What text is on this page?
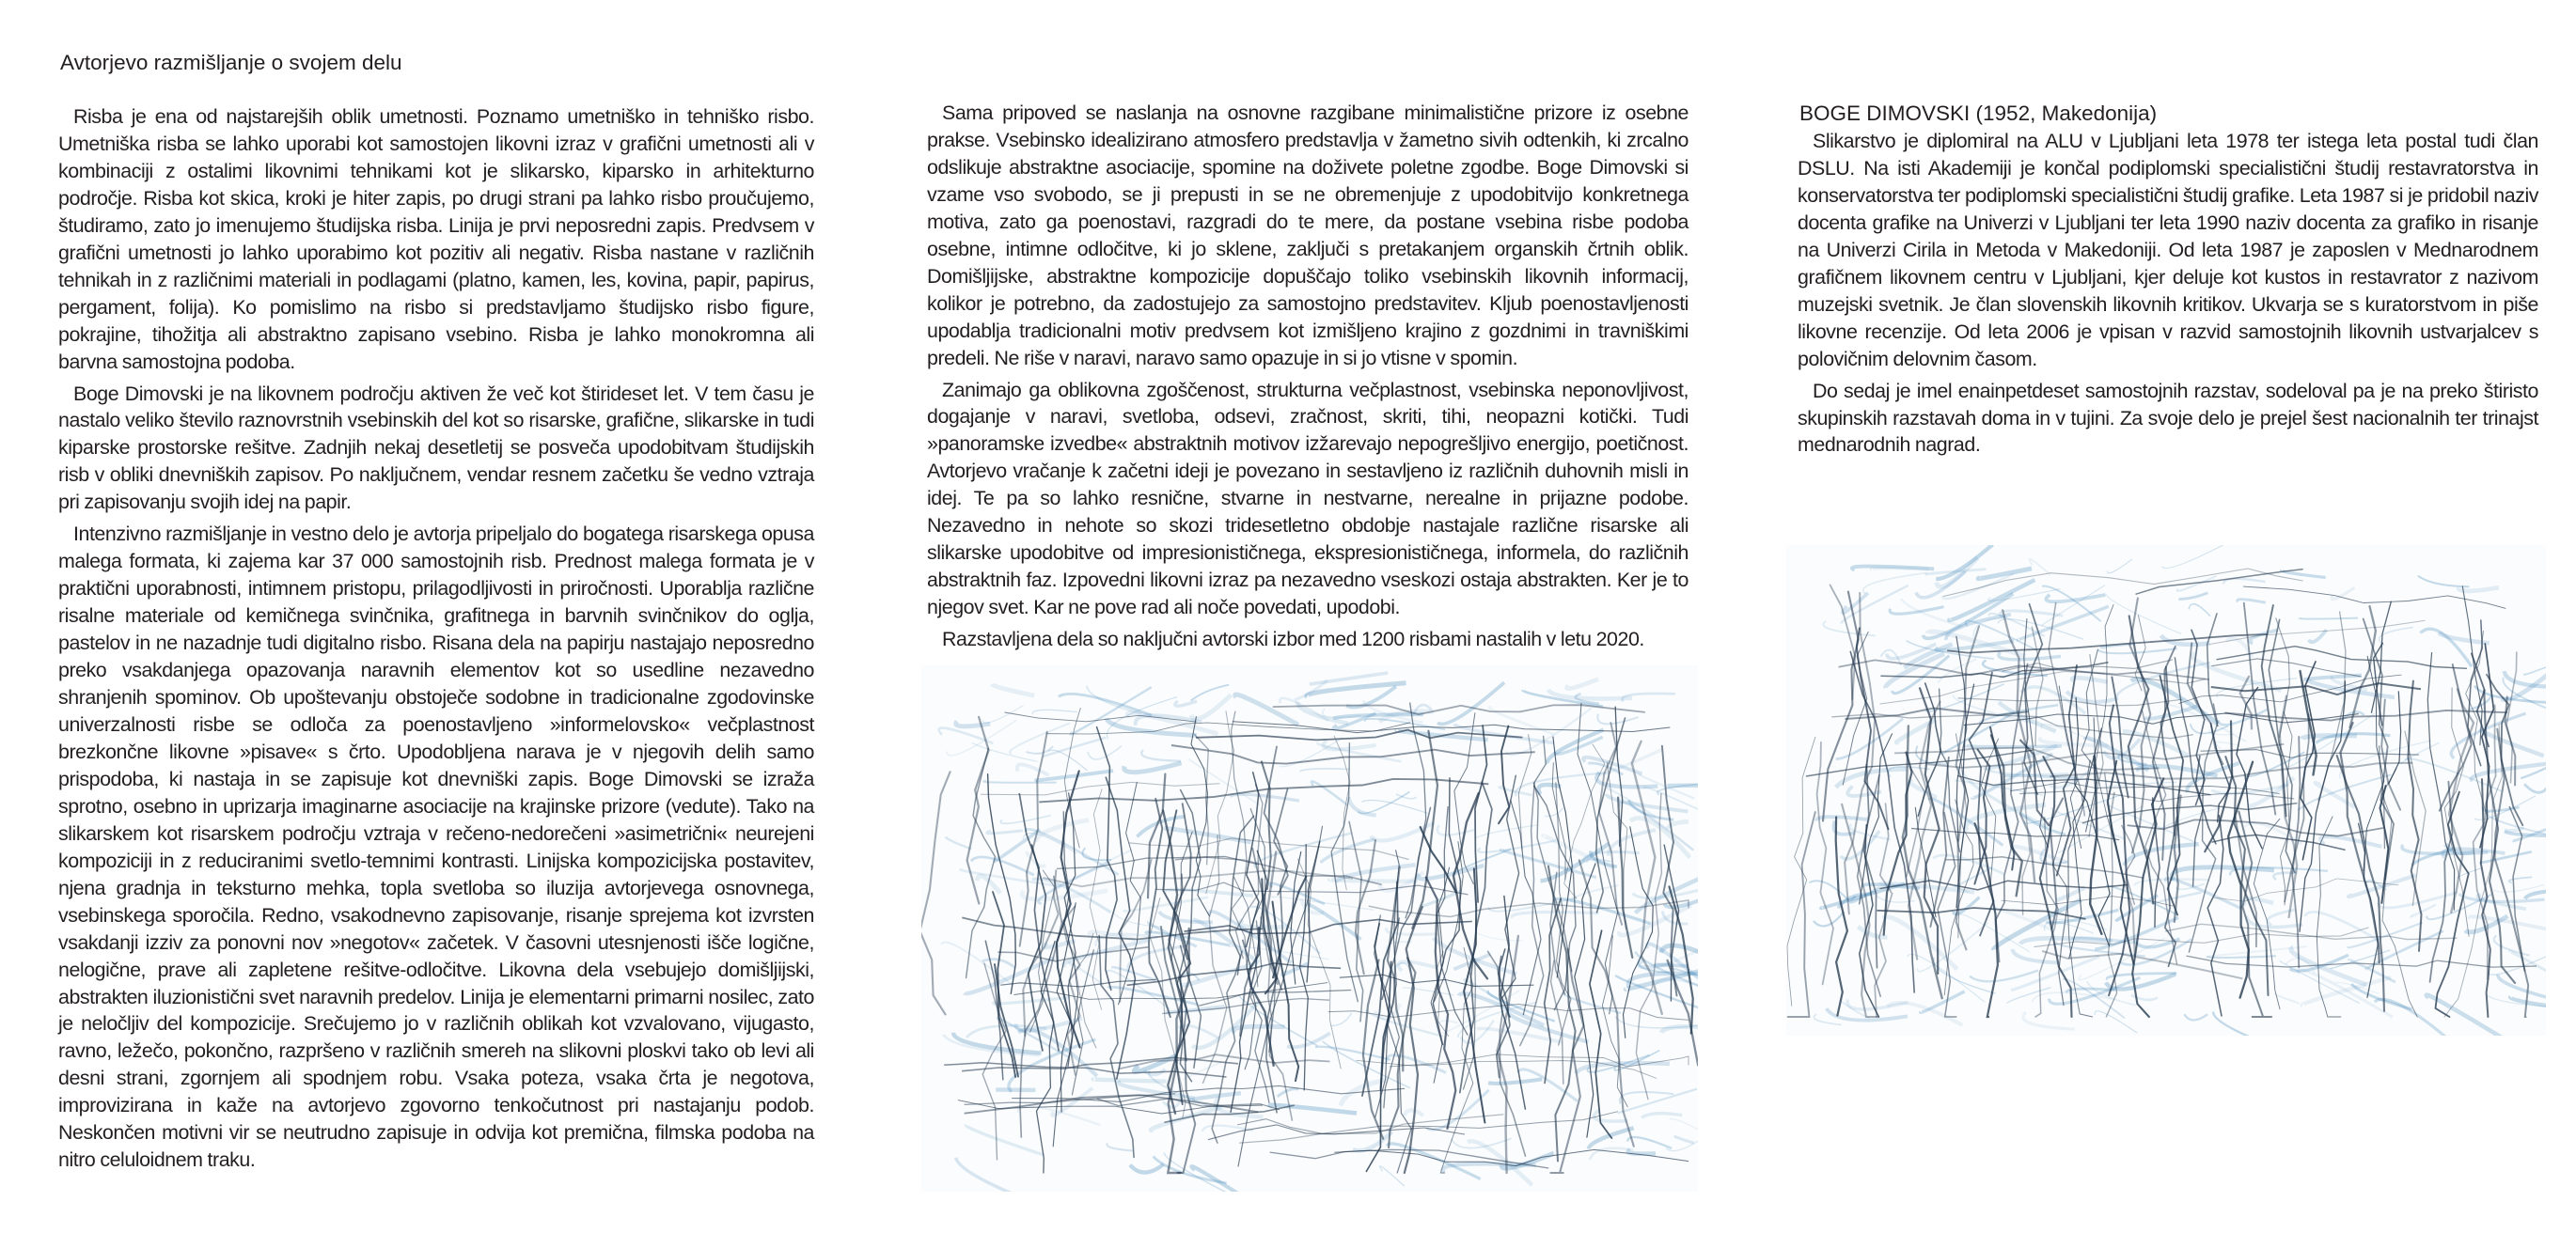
Avtorjevo razmišljanje o svojem delu

Risba je ena od najstarejših oblik umetnosti. Poznamo umetniško in tehniško risbo. Umetniška risba se lahko uporabi kot samostojen likovni izraz v grafični umetnosti ali v kombinaciji z ostalimi likovnimi tehnikami kot je slikarsko, kiparsko in arhitekturno področje. Risba kot skica, kroki je hiter zapis, po drugi strani pa lahko risbo proučujemo, študiramo, zato jo imenujemo študijska risba. Linija je prvi neposredni zapis. Predvsem v grafični umetnosti jo lahko uporabimo kot pozitiv ali negativ. Risba nastane v različnih tehnikah in z različnimi materiali in podlagami (platno, kamen, les, kovina, papir, papirus, pergament, folija). Ko pomislimo na risbo si predstavljamo študijsko risbo figure, pokrajine, tihožitja ali abstraktno zapisano vsebino. Risba je lahko monokromna ali barvna samostojna podoba.

Boge Dimovski je na likovnem področju aktiven že več kot štirideset let. V tem času je nastalo veliko število raznovrstnih vsebinskih del kot so risarske, grafične, slikarske in tudi kiparske prostorske rešitve. Zadnjih nekaj desetletij se posveča upodobitvam študijskih risb v obliki dnevniških zapisov. Po naključnem, vendar resnem začetku še vedno vztraja pri zapisovanju svojih idej na papir.

Intenzivno razmišljanje in vestno delo je avtorja pripeljalo do bogatega risarskega opusa malega formata, ki zajema kar 37 000 samostojnih risb. Prednost malega formata je v praktični uporabnosti, intimnem pristopu, prilagodljivosti in priročnosti. Uporablja različne risalne materiale od kemičnega svinčnika, grafitnega in barvnih svinčnikov do oglja, pastelov in ne nazadnje tudi digitalno risbo. Risana dela na papirju nastajajo neposredno preko vsakdanjega opazovanja naravnih elementov kot so usedline nezavedno shranjenih spominov. Ob upoštevanju obstoječe sodobne in tradicionalne zgodovinske univerzalnosti risbe se odloča za poenostavljeno »informelovsko« večplastnost brezkončne likovne »pisave« s črto. Upodobljena narava je v njegovih delih samo prispodoba, ki nastaja in se zapisuje kot dnevniški zapis. Boge Dimovski se izraža sprotno, osebno in uprizarja imaginarne asociacije na krajinske prizore (vedute). Tako na slikarskem kot risarskem področju vztraja v rečeno-nedorečeni »asimetrični« neurejeni kompoziciji in z reduciranimi svetlo-temnimi kontrasti. Linijska kompozicijska postavitev, njena gradnja in teksturno mehka, topla svetloba so iluzija avtorjevega osnovnega, vsebinskega sporočila. Redno, vsakodnevno zapisovanje, risanje sprejema kot izvrsten vsakdanji izziv za ponovni nov »negotov« začetek. V časovni utesnjenosti išče logične, nelogične, prave ali zapletene rešitve-odločitve. Likovna dela vsebujejo domišljijski, abstrakten iluzionistični svet naravnih predelov. Linija je elementarni primarni nosilec, zato je neločljiv del kompozicije. Srečujemo jo v različnih oblikah kot vzvalovano, vijugasto, ravno, ležečo, pokončno, razpršeno v različnih smereh na slikovni ploskvi tako ob levi ali desni strani, zgornjem ali spodnjem robu. Vsaka poteza, vsaka črta je negotova, improvizirana in kaže na avtorjevo zgovorno tenkočutnost pri nastajanju podob. Neskončen motivni vir se neutrudno zapisuje in odvija kot premična, filmska podoba na nitro celuloidnem traku.

Sama pripoved se naslanja na osnovne razgibane minimalistične prizore iz osebne prakse. Vsebinsko idealizirano atmosfero predstavlja v žametno sivih odtenkih, ki zrcalno odslikuje abstraktne asociacije, spomine na doživete poletne zgodbe. Boge Dimovski si vzame vso svobodo, se ji prepusti in se ne obremenjuje z upodobitvijo konkretnega motiva, zato ga poenostavi, razgradi do te mere, da postane vsebina risbe podoba osebne, intimne odločitve, ki jo sklene, zaključi s pretakanjem organskih črtnih oblik. Domišljijske, abstraktne kompozicije dopuščajo toliko vsebinskih likovnih informacij, kolikor je potrebno, da zadostujejo za samostojno predstavitev. Kljub poenostavljenosti upodablja tradicionalni motiv predvsem kot izmišljeno krajino z gozdnimi in travniškimi predeli. Ne riše v naravi, naravo samo opazuje in si jo vtisne v spomin.

Zanimajo ga oblikovna zgoščenost, strukturna večplastnost, vsebinska neponovljivost, dogajanje v naravi, svetloba, odsevi, zračnost, skriti, tihi, neopazni kotički. Tudi »panoramske izvedbe« abstraktnih motivov izžarevajo nepogrešljivo energijo, poetičnost. Avtorjevo vračanje k začetni ideji je povezano in sestavljeno iz različnih duhovnih misli in idej. Te pa so lahko resnične, stvarne in nestvarne, nerealne in prijazne podobe. Nezavedno in nehote so skozi tridesetletno obdobje nastajale različne risarske ali slikarske upodobitve od impresionističnega, ekspresionističnega, informela, do različnih abstraktnih faz. Izpovedni likovni izraz pa nezavedno vseskozi ostaja abstrakten. Ker je to njegov svet. Kar ne pove rad ali noče povedati, upodobi.

Razstavljena dela so naključni avtorski izbor med 1200 risbami nastalih v letu 2020.

BOGE DIMOVSKI (1952, Makedonija)

Slikarstvo je diplomiral na ALU v Ljubljani leta 1978 ter istega leta postal tudi član DSLU. Na isti Akademiji je končal podiplomski specialistični študij restavratorstva in konservatorstva ter podiplomski specialistični študij grafike. Leta 1987 si je pridobil naziv docenta grafike na Univerzi v Ljubljani ter leta 1990 naziv docenta za grafiko in risanje na Univerzi Cirila in Metoda v Makedoniji. Od leta 1987 je zaposlen v Mednarodnem grafičnem likovnem centru v Ljubljani, kjer deluje kot kustos in restavrator z nazivom muzejski svetnik. Je član slovenskih likovnih kritikov. Ukvarja se s kuratorstvom in piše likovne recenzije. Od leta 2006 je vpisan v razvid samostojnih likovnih ustvarjalcev s polovičnim delovnim časom.

Do sedaj je imel enainpetdeset samostojnih razstav, sodeloval pa je na preko štiristo skupinskih razstavah doma in v tujini. Za svoje delo je prejel šest nacionalnih ter trinajst mednarodnih nagrad.
